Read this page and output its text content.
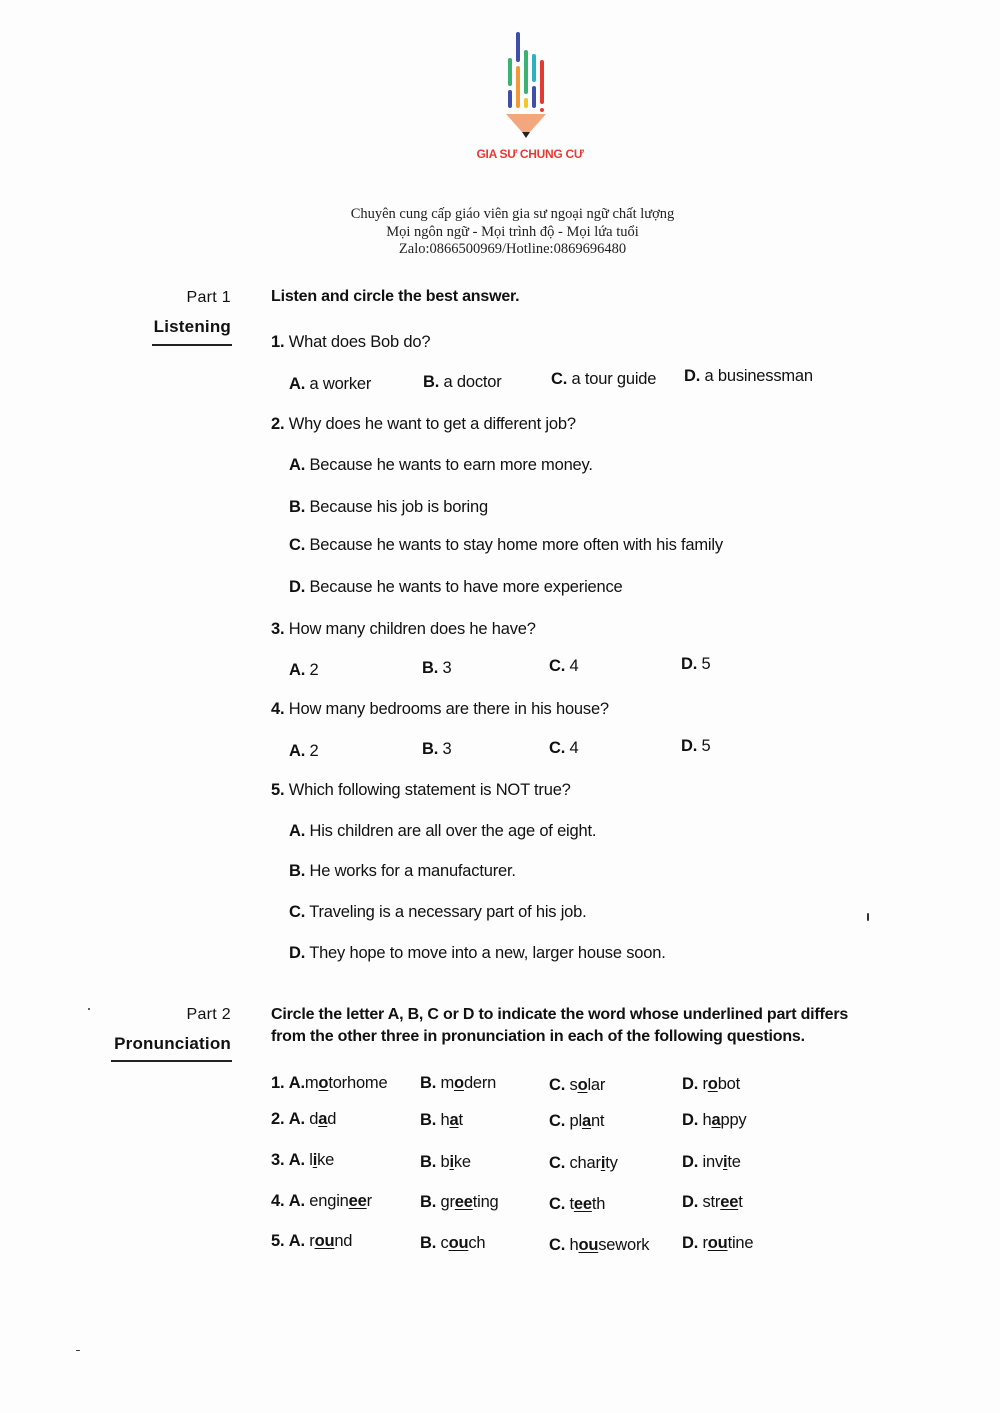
GIA SƯ CHUNG CƯ
Chuyên cung cấp giáo viên gia sư ngoại ngữ chất lượng
Mọi ngôn ngữ - Mọi trình độ - Mọi lứa tuổi
Zalo:0866500969/Hotline:0869696480
Part 1
Listening
Listen and circle the best answer.
1. What does Bob do?
A. a worker	B. a doctor	C. a tour guide D. a businessman
2. Why does he want to get a different job?
A. Because he wants to earn more money.
B. Because his job is boring
C. Because he wants to stay home more often with his family
D. Because he wants to have more experience
3. How many children does he have?
A. 2	B. 3	C. 4	D. 5
4. How many bedrooms are there in his house?
A. 2	B. 3	C. 4	D. 5
5. Which following statement is NOT true?
A. His children are all over the age of eight.
B. He works for a manufacturer.
C. Traveling is a necessary part of his job.
D. They hope to move into a new, larger house soon.
Part 2
Pronunciation
Circle the letter A, B, C or D to indicate the word whose underlined part differs
from the other three in pronunciation in each of the following questions.
1. A.motorhome B. modern	C. solar	D. robot
2. A. dad	B. hat	C. plant	D. happy
3. A. like	B. bike	C. charity	D. invite
4. A. engineer	B. greeting	C. teeth	D. street
5. A. round	B. couch	C. housework D. routine
